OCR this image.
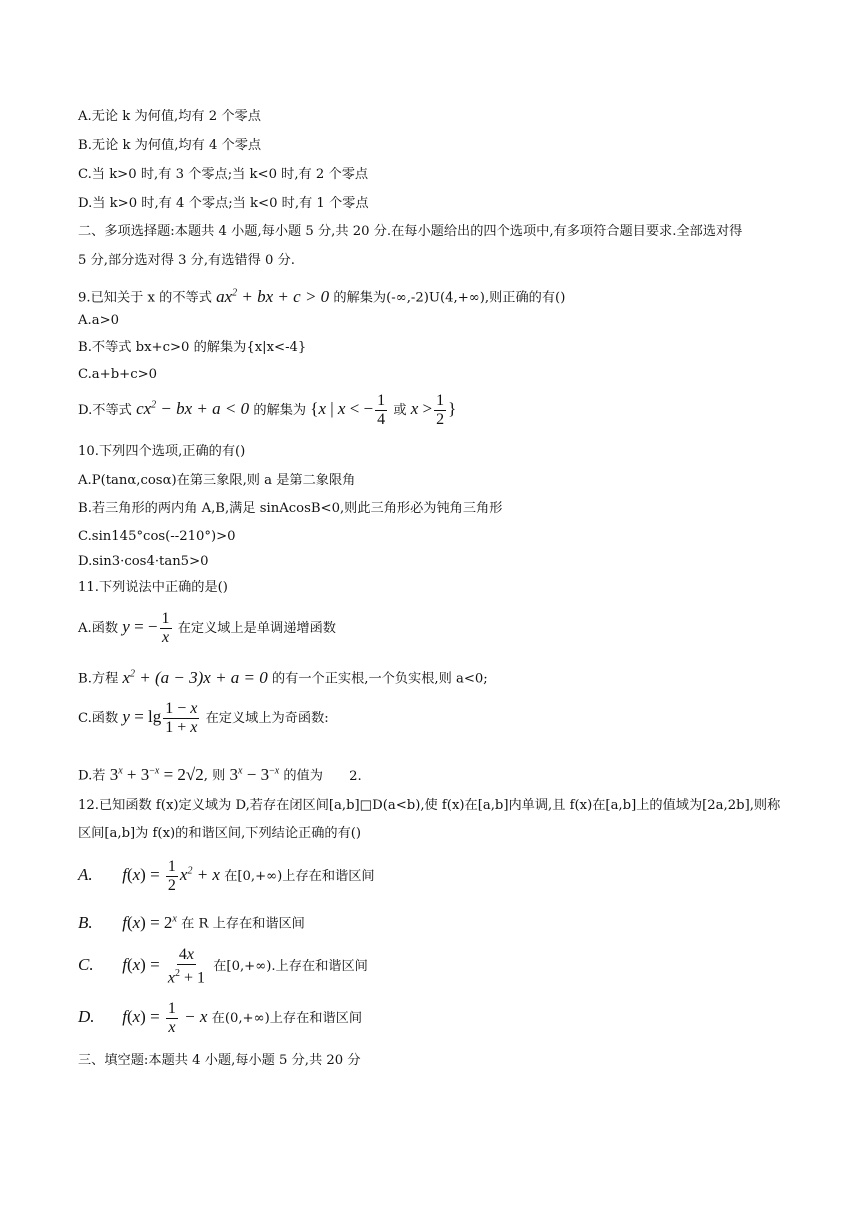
A.无论 k 为何值,均有 2 个零点
B.无论 k 为何值,均有 4 个零点
C.当 k>0 时,有 3 个零点;当 k<0 时,有 2 个零点
D.当 k>0 时,有 4 个零点;当 k<0 时,有 1 个零点
二、多项选择题:本题共 4 小题,每小题 5 分,共 20 分.在每小题给出的四个选项中,有多项符合题目要求.全部选对得
5 分,部分选对得 3 分,有选错得 0 分.
9.已知关于 x 的不等式 $ax^2$ + bx + c > 0 的解集为(-∞,-2)U(4,+∞),则正确的有()
A.a>0
B.不等式 bx+c>0 的解集为{x|x<-4}
C.a+b+c>0
D.不等式 $cx^2$ − bx + a < 0 的解集为 {x | x < − $\frac{1}{4}$ 或 $x > \frac{1}{2}$ }
10.下列四个选项,正确的有()
A.P(tanα,cosα)在第三象限,则 a 是第二象限角
B.若三角形的两内角 A,B,满足 sinAcosB<0,则此三角形必为钝角三角形
C.sin145°cos(--210°)>0
D.sin3·cos4·tan5>0
11.下列说法中正确的是()
A.函数 y = − $\frac{1}{x}$ 在定义域上是单调递增函数
B.方程 $x^2 + (a - 3)x + a = 0$ 的有一个正实根,一个负实根,则 a<0;
C.函数 $y = \lg \frac{1 - x}{1 + x}$ 在定义域上为奇函数:
D.若 $3^x + 3^{-x} = 2√2$, 则 $3^x - 3^{-x}$ 的值为 2.
12.已知函数 f(x)定义域为 D,若存在闭区间[a,b]□D(a<b),使 f(x)在[a,b]内单调,且 f(x)在[a,b]上的值域为[2a,2b],则称
区间[a,b]为 f(x)的和谐区间,下列结论正确的有()
A. $f(x) = \frac{1}{2} x^2 + x$ 在[0,+∞)上存在和谐区间
B. $f(x) = 2^x$ 在 R 上存在和谐区间
C. $f(x) = \frac{4x}{x^2 + 1}$ 在[0,+∞).上存在和谐区间
D. $f(x) = \frac{1}{x} - x$ 在(0,+∞)上存在和谐区间
三、填空题:本题共 4 小题,每小题 5 分,共 20 分
